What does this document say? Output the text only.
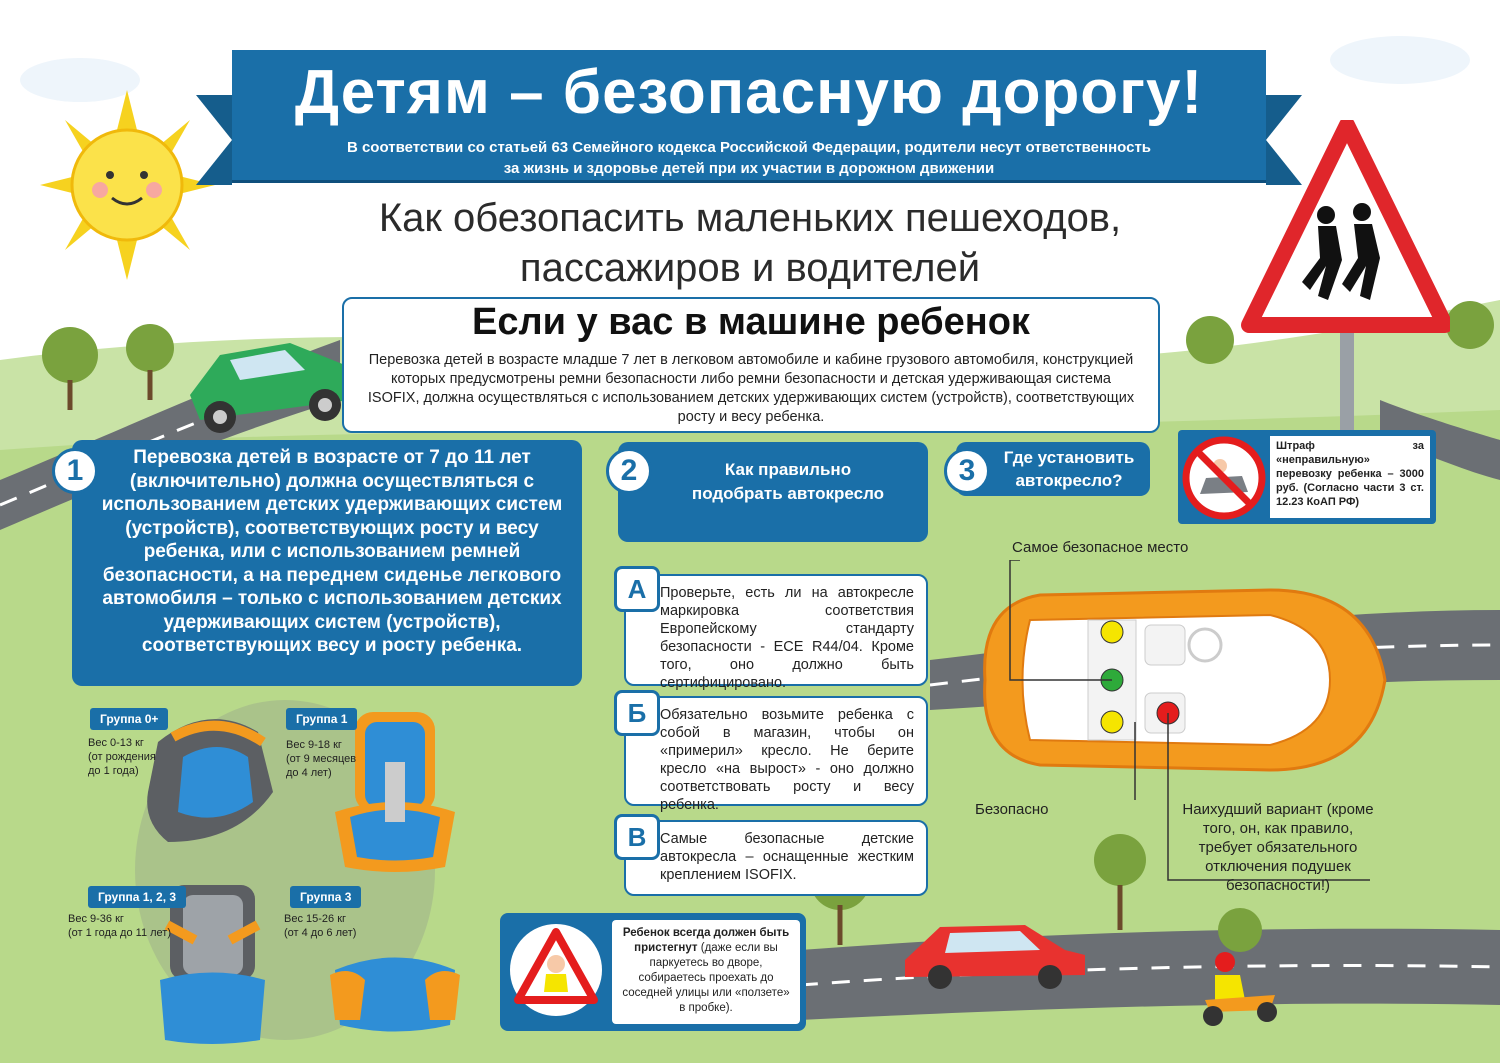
Детям – безопасную дорогу!
В соответствии со статьей 63 Семейного кодекса Российской Федерации, родители несут ответственность
за жизнь и здоровье детей при их участии в дорожном движении
Как обезопасить маленьких пешеходов,
пассажиров и водителей
Если у вас в машине ребенок
Перевозка детей в возрасте младше 7 лет в легковом автомобиле и кабине грузового автомобиля, конструкцией которых предусмотрены ремни безопасности либо ремни безопасности и детская удерживающая система ISOFIX, должна осуществляться с использованием детских удерживающих систем (устройств), соответствующих росту и весу ребенка.
Перевозка детей в возрасте от 7 до 11 лет (включительно) должна осуществляться с использованием детских удерживающих систем (устройств), соответствующих росту и весу ребенка, или с использованием ремней безопасности, а на переднем сиденье легкового автомобиля – только с использованием детских удерживающих систем (устройств), соответствующих весу и росту ребенка.
1	Как правильно подобрать автокресло
2	Где установить автокресло?
3
Проверьте, есть ли на автокресле маркировка соответствия Европейскому стандарту безопасности - ECE R44/04. Кроме того, оно должно быть сертифицировано.
А
Обязательно возьмите ребенка с собой в магазин, чтобы он «примерил» кресло. Не берите кресло «на вырост» - оно должно соответствовать росту и весу ребенка.
Б
Самые безопасные детские автокресла – оснащенные жестким креплением ISOFIX.
В
Группа 0+
Вес 0-13 кг
(от рождения до 1 года)
Группа 1
Вес 9-18 кг
(от 9 месяцев до 4 лет)
Группа 1, 2, 3
Вес 9-36 кг
(от 1 года до 11 лет)
Группа 3
Вес 15-26 кг
(от 4 до 6 лет)
Самое безопасное место
Безопасно	Наихудший вариант (кроме того, он, как правило, требует обязательного отключения подушек безопасности!)
Штраф за «неправильную» перевозку ребенка – 3000 руб. (Согласно части 3 ст. 12.23 КоАП РФ)
Ребенок всегда должен быть пристегнут (даже если вы паркуетесь во дворе, собираетесь проехать до соседней улицы или «ползете» в пробке).
